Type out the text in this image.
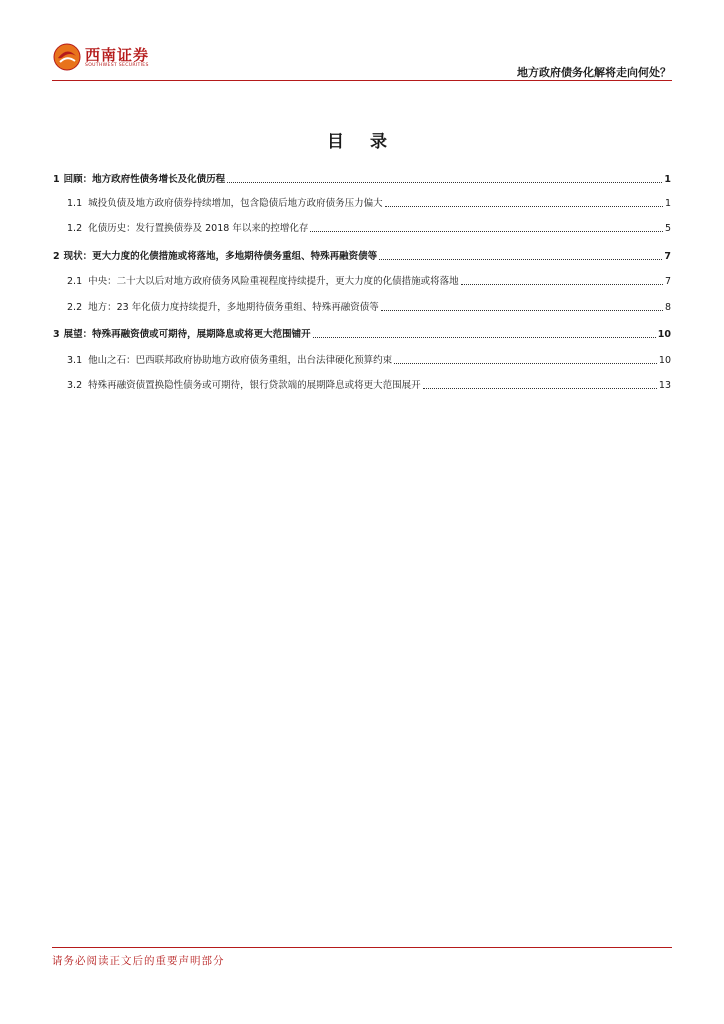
西南证券
SOUTHWEST SECURITIES
地方政府债务化解将走向何处？
目 录
1 回顾：地方政府性债务增长及化债历程	1
1.1 城投负债及地方政府债券持续增加，包含隐债后地方政府债务压力偏大	1
1.2 化债历史：发行置换债券及 2018 年以来的控增化存	5
2 现状：更大力度的化债措施或将落地，多地期待债务重组、特殊再融资债等	7
2.1 中央：二十大以后对地方政府债务风险重视程度持续提升，更大力度的化债措施或将落地	7
2.2 地方：23 年化债力度持续提升，多地期待债务重组、特殊再融资债等	8
3 展望：特殊再融资债或可期待，展期降息或将更大范围铺开	10
3.1 他山之石：巴西联邦政府协助地方政府债务重组，出台法律硬化预算约束	10
3.2 特殊再融资债置换隐性债务或可期待，银行贷款端的展期降息或将更大范围展开	13
请务必阅读正文后的重要声明部分
